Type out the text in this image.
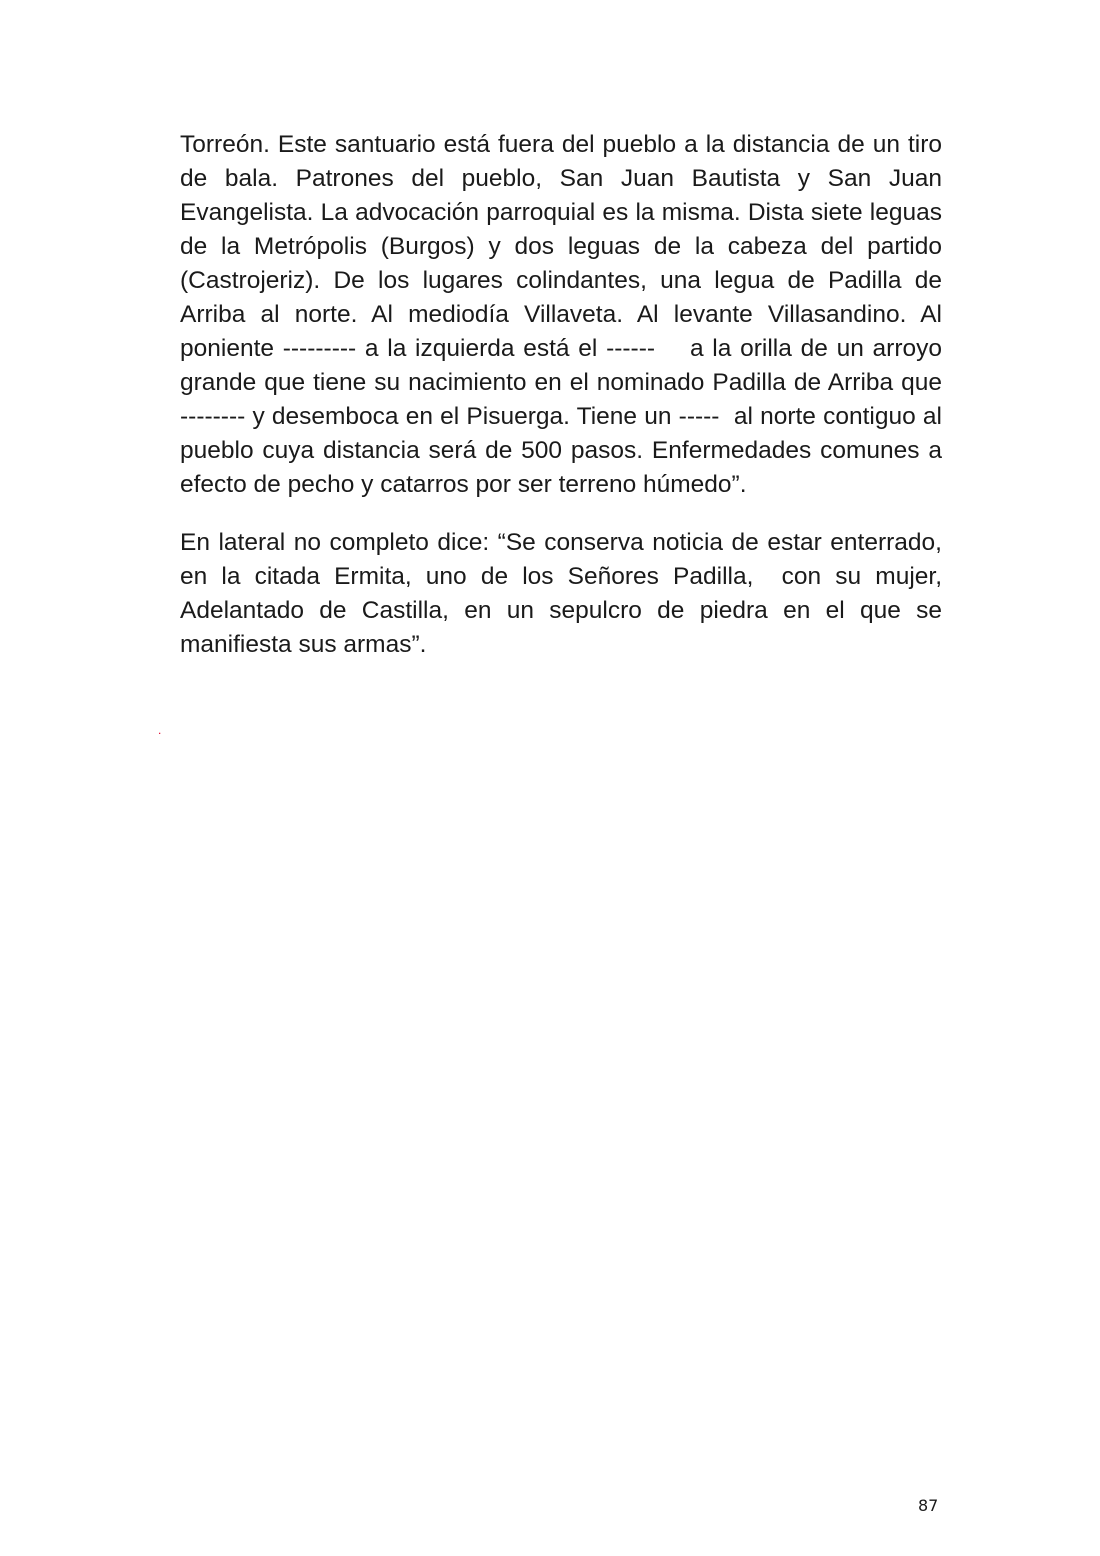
Torreón. Este santuario está fuera del pueblo a la distancia de un tiro de bala. Patrones del pueblo, San Juan Bautista y San Juan Evangelista. La advocación parroquial es la misma. Dista siete leguas de la Metrópolis (Burgos) y dos leguas de la cabeza del partido (Castrojeriz). De los lugares colindantes, una legua de Padilla de Arriba al norte. Al mediodía Villaveta. Al levante Villasandino. Al poniente --------- a la izquierda está el ------    a la orilla de un arroyo grande que tiene su nacimiento en el nominado Padilla de Arriba que -------- y desemboca en el Pisuerga. Tiene un -----  al norte contiguo al pueblo cuya distancia será de 500 pasos. Enfermedades comunes a efecto de pecho y catarros por ser terreno húmedo”.

En lateral no completo dice: “Se conserva noticia de estar enterrado, en la citada Ermita, uno de los Señores Padilla,  con su mujer, Adelantado de Castilla, en un sepulcro de piedra en el que se manifiesta sus armas”.

.
87
